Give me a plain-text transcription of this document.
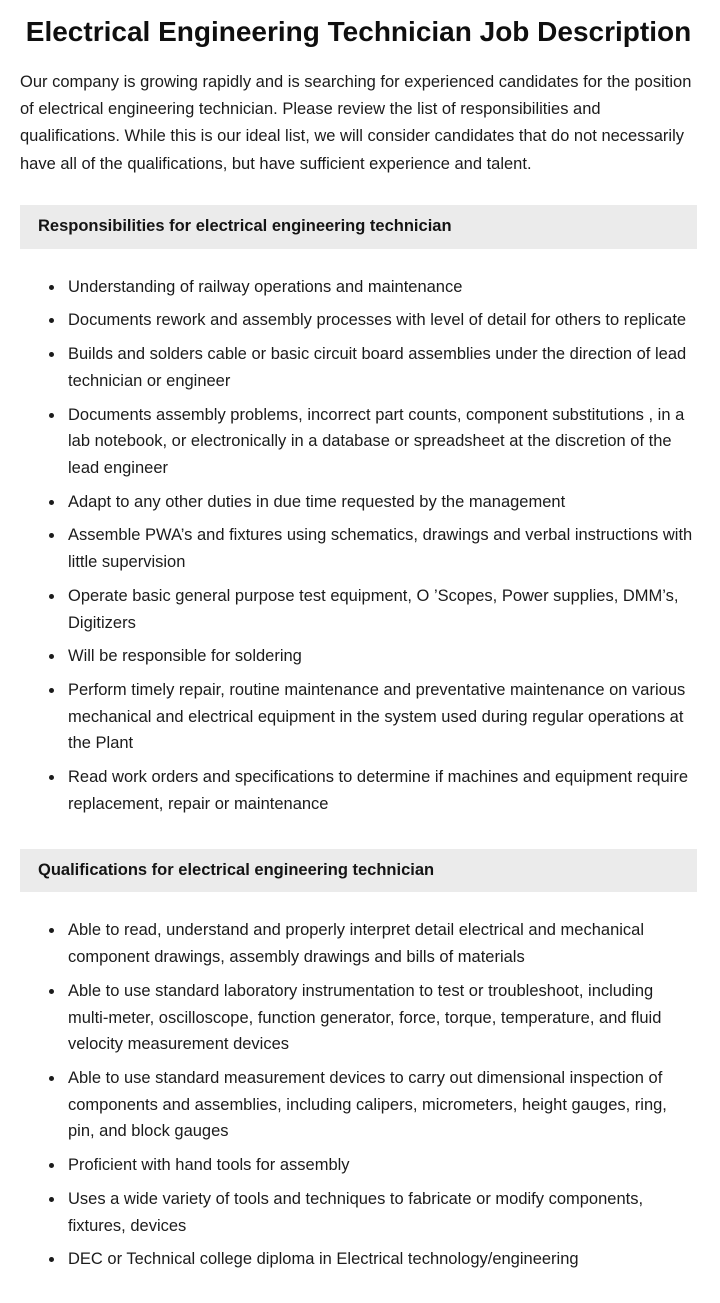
Electrical Engineering Technician Job Description

Our company is growing rapidly and is searching for experienced candidates for the position of electrical engineering technician. Please review the list of responsibilities and qualifications. While this is our ideal list, we will consider candidates that do not necessarily have all of the qualifications, but have sufficient experience and talent.

Responsibilities for electrical engineering technician
• Understanding of railway operations and maintenance
• Documents rework and assembly processes with level of detail for others to replicate
• Builds and solders cable or basic circuit board assemblies under the direction of lead technician or engineer
• Documents assembly problems, incorrect part counts, component substitutions , in a lab notebook, or electronically in a database or spreadsheet at the discretion of the lead engineer
• Adapt to any other duties in due time requested by the management
• Assemble PWA’s and fixtures using schematics, drawings and verbal instructions with little supervision
• Operate basic general purpose test equipment, O ’Scopes, Power supplies, DMM’s, Digitizers
• Will be responsible for soldering
• Perform timely repair, routine maintenance and preventative maintenance on various mechanical and electrical equipment in the system used during regular operations at the Plant
• Read work orders and specifications to determine if machines and equipment require replacement, repair or maintenance
Qualifications for electrical engineering technician
• Able to read, understand and properly interpret detail electrical and mechanical component drawings, assembly drawings and bills of materials
• Able to use standard laboratory instrumentation to test or troubleshoot, including multi-meter, oscilloscope, function generator, force, torque, temperature, and fluid velocity measurement devices
• Able to use standard measurement devices to carry out dimensional inspection of components and assemblies, including calipers, micrometers, height gauges, ring, pin, and block gauges
• Proficient with hand tools for assembly
• Uses a wide variety of tools and techniques to fabricate or modify components, fixtures, devices
• DEC or Technical college diploma in Electrical technology/engineering
